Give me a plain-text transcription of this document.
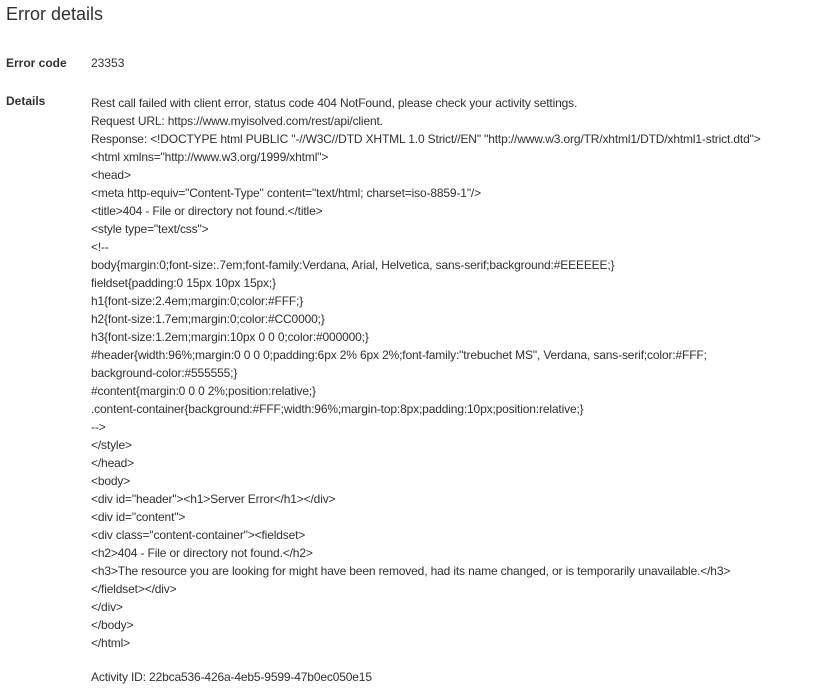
Error details
Error code 23353
Details	Rest call failed with client error, status code 404 NotFound, please check your activity settings.
Request URL: https://www.myisolved.com/rest/api/client.
Response: <!DOCTYPE html PUBLIC "-//W3C//DTD XHTML 1.0 Strict//EN" "http://www.w3.org/TR/xhtml1/DTD/xhtml1-strict.dtd">
<html xmlns="http://www.w3.org/1999/xhtml">
<head>
<meta http-equiv="Content-Type" content="text/html; charset=iso-8859-1"/>
<title>404 - File or directory not found.</title>
<style type="text/css">
<!--
body{margin:0;font-size:.7em;font-family:Verdana, Arial, Helvetica, sans-serif;background:#EEEEEE;}
fieldset{padding:0 15px 10px 15px;}
h1{font-size:2.4em;margin:0;color:#FFF;}
h2{font-size:1.7em;margin:0;color:#CC0000;}
h3{font-size:1.2em;margin:10px 0 0 0;color:#000000;}
#header{width:96%;margin:0 0 0 0;padding:6px 2% 6px 2%;font-family:"trebuchet MS", Verdana, sans-serif;color:#FFF;
background-color:#555555;}
#content{margin:0 0 0 2%;position:relative;}
.content-container{background:#FFF;width:96%;margin-top:8px;padding:10px;position:relative;}
-->
</style>
</head>
<body>
<div id="header"><h1>Server Error</h1></div>
<div id="content">
<div class="content-container"><fieldset>
<h2>404 - File or directory not found.</h2>
<h3>The resource you are looking for might have been removed, had its name changed, or is temporarily unavailable.</h3>
</fieldset></div>
</div>
</body>
</html>
Activity ID: 22bca536-426a-4eb5-9599-47b0ec050e15
